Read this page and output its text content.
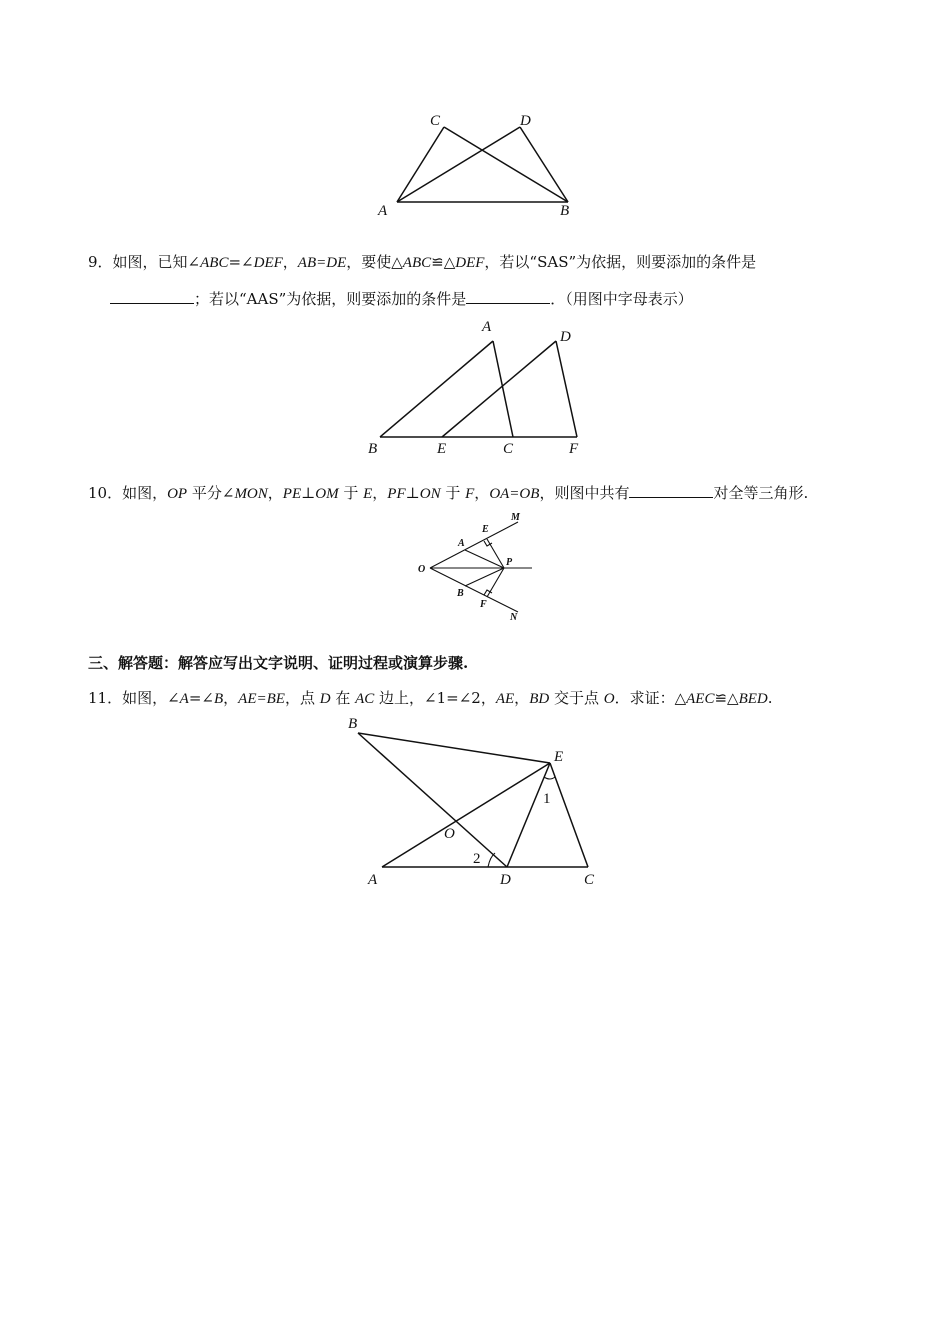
C	D
A	B
9．如图，已知∠ABC=∠DEF，AB=DE，要使△ABC≌△DEF，若以“SAS”为依据，则要添加的条件是
；若以“AAS”为依据，则要添加的条件是	．（用图中字母表示）
A
D
B	E	C	F
10．如图，OP 平分∠MON，PE⊥OM 于 E，PF⊥ON 于 F，OA=OB，则图中共有	对全等三角形.
O
A
E
M
P
B
F
N
三、解答题：解答应写出文字说明、证明过程或演算步骤.
11．如图，∠A=∠B，AE=BE，点 D 在 AC 边上，∠1=∠2，AE，BD 交于点 O．求证：△AEC≌△BED.
B
E
O
A	D	C
1
2
